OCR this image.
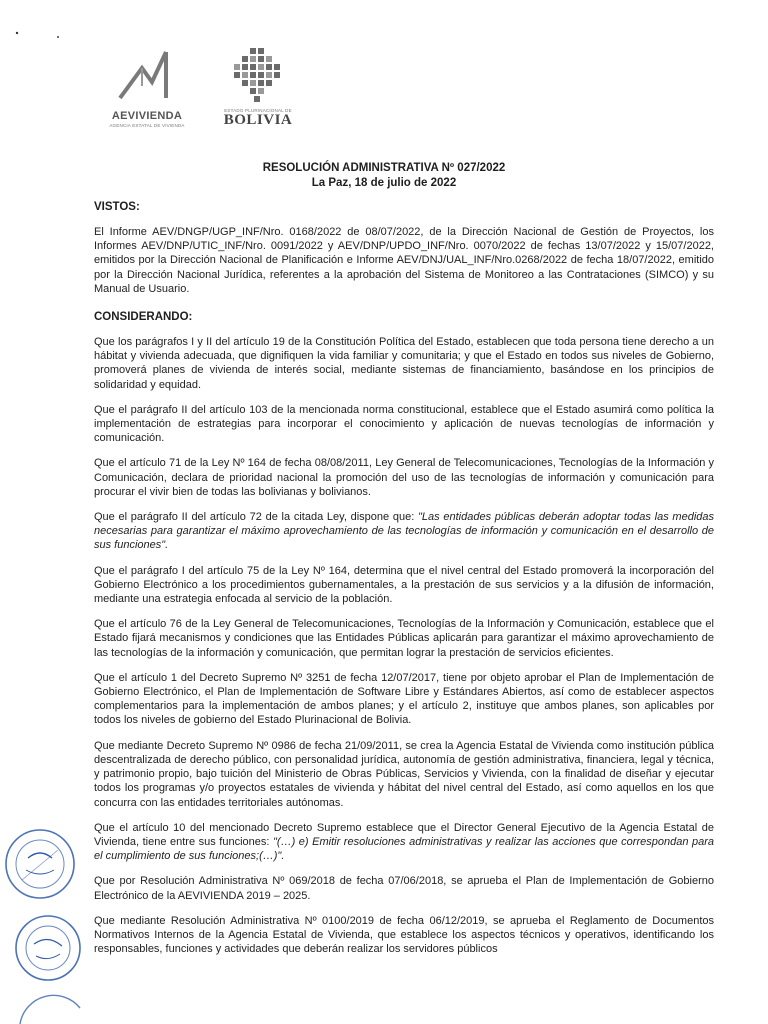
AEVIVIENDA
AGENCIA ESTATAL DE VIVIENDA
ESTADO PLURINACIONAL DE
BOLIVIA

RESOLUCIÓN ADMINISTRATIVA Nº 027/2022

La Paz, 18 de julio de 2022

VISTOS:

El Informe AEV/DNGP/UGP_INF/Nro. 0168/2022 de 08/07/2022, de la Dirección Nacional de Gestión de Proyectos, los Informes AEV/DNP/UTIC_INF/Nro. 0091/2022 y AEV/DNP/UPDO_INF/Nro. 0070/2022 de fechas 13/07/2022 y 15/07/2022, emitidos por la Dirección Nacional de Planificación e Informe AEV/DNJ/UAL_INF/Nro.0268/2022 de fecha 18/07/2022, emitido por la Dirección Nacional Jurídica, referentes a la aprobación del Sistema de Monitoreo a las Contrataciones (SIMCO) y su Manual de Usuario.

CONSIDERANDO:

Que los parágrafos I y II del artículo 19 de la Constitución Política del Estado, establecen que toda persona tiene derecho a un hábitat y vivienda adecuada, que dignifiquen la vida familiar y comunitaria; y que el Estado en todos sus niveles de Gobierno, promoverá planes de vivienda de interés social, mediante sistemas de financiamiento, basándose en los principios de solidaridad y equidad.

Que el parágrafo II del artículo 103 de la mencionada norma constitucional, establece que el Estado asumirá como política la implementación de estrategias para incorporar el conocimiento y aplicación de nuevas tecnologías de información y comunicación.

Que el artículo 71 de la Ley Nº 164 de fecha 08/08/2011, Ley General de Telecomunicaciones, Tecnologías de la Información y Comunicación, declara de prioridad nacional la promoción del uso de las tecnologías de información y comunicación para procurar el vivir bien de todas las bolivianas y bolivianos.

Que el parágrafo II del artículo 72 de la citada Ley, dispone que: "Las entidades públicas deberán adoptar todas las medidas necesarias para garantizar el máximo aprovechamiento de las tecnologías de información y comunicación en el desarrollo de sus funciones".

Que el parágrafo I del artículo 75 de la Ley Nº 164, determina que el nivel central del Estado promoverá la incorporación del Gobierno Electrónico a los procedimientos gubernamentales, a la prestación de sus servicios y a la difusión de información, mediante una estrategia enfocada al servicio de la población.

Que el artículo 76 de la Ley General de Telecomunicaciones, Tecnologías de la Información y Comunicación, establece que el Estado fijará mecanismos y condiciones que las Entidades Públicas aplicarán para garantizar el máximo aprovechamiento de las tecnologías de la información y comunicación, que permitan lograr la prestación de servicios eficientes.

Que el artículo 1 del Decreto Supremo Nº 3251 de fecha 12/07/2017, tiene por objeto aprobar el Plan de Implementación de Gobierno Electrónico, el Plan de Implementación de Software Libre y Estándares Abiertos, así como de establecer aspectos complementarios para la implementación de ambos planes; y el artículo 2, instituye que ambos planes, son aplicables por todos los niveles de gobierno del Estado Plurinacional de Bolivia.

Que mediante Decreto Supremo Nº 0986 de fecha 21/09/2011, se crea la Agencia Estatal de Vivienda como institución pública descentralizada de derecho público, con personalidad jurídica, autonomía de gestión administrativa, financiera, legal y técnica, y patrimonio propio, bajo tuición del Ministerio de Obras Públicas, Servicios y Vivienda, con la finalidad de diseñar y ejecutar todos los programas y/o proyectos estatales de vivienda y hábitat del nivel central del Estado, así como aquellos en los que concurra con las entidades territoriales autónomas.

Que el artículo 10 del mencionado Decreto Supremo establece que el Director General Ejecutivo de la Agencia Estatal de Vivienda, tiene entre sus funciones: "(…) e) Emitir resoluciones administrativas y realizar las acciones que correspondan para el cumplimiento de sus funciones;(…)".

Que por Resolución Administrativa Nº 069/2018 de fecha 07/06/2018, se aprueba el Plan de Implementación de Gobierno Electrónico de la AEVIVIENDA 2019 – 2025.

Que mediante Resolución Administrativa Nº 0100/2019 de fecha 06/12/2019, se aprueba el Reglamento de Documentos Normativos Internos de la Agencia Estatal de Vivienda, que establece los aspectos técnicos y operativos, identificando los responsables, funciones y actividades que deberán realizar los servidores públicos
